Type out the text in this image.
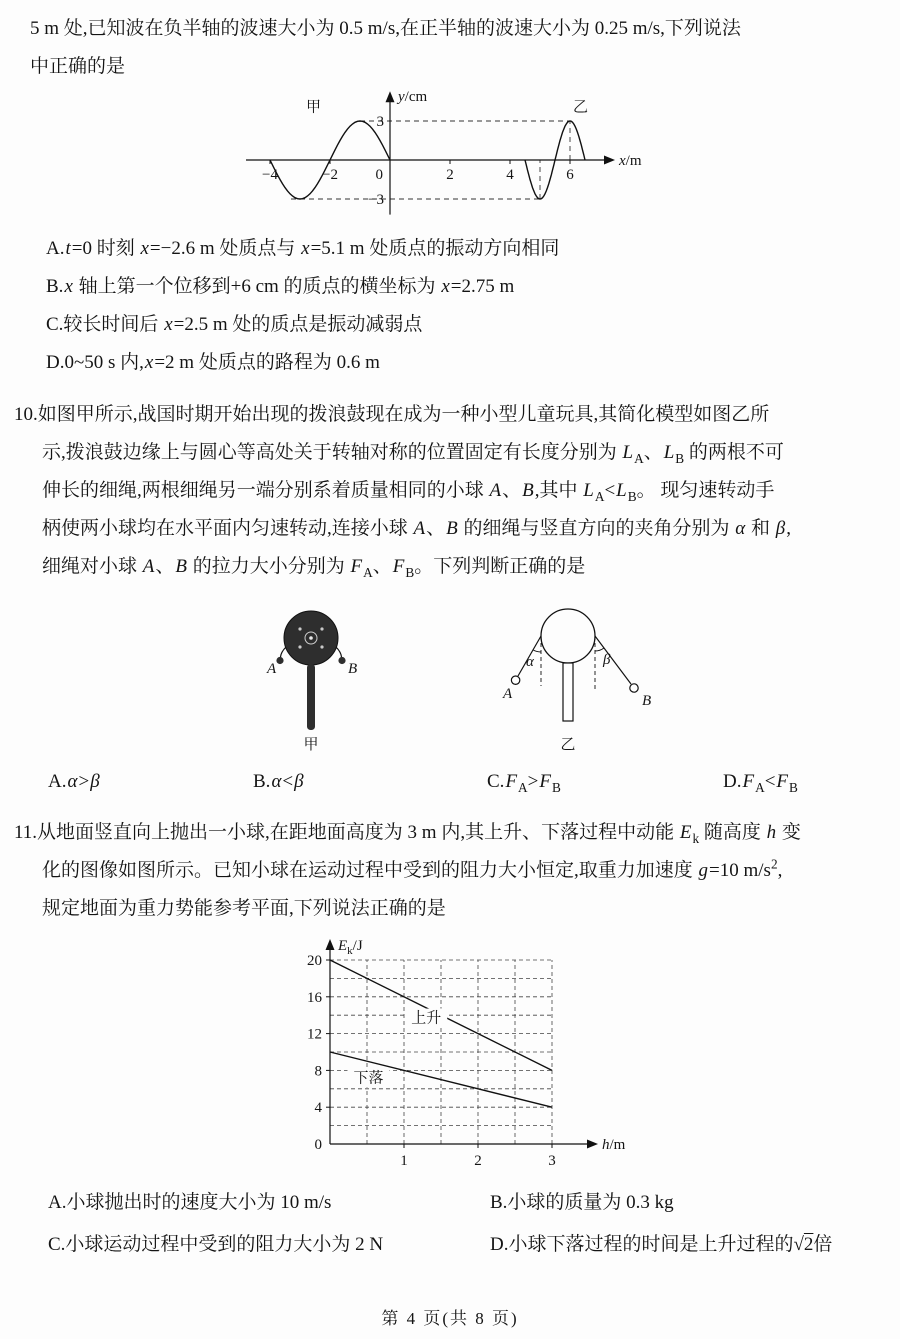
5 m 处,已知波在负半轴的波速大小为 0.5 m/s,在正半轴的波速大小为 0.25 m/s,下列说法

中正确的是

x/m
y/cm
−4	−2	0	2	4	6
3
−3
甲	乙

A.t=0 时刻 x=−2.6 m 处质点与 x=5.1 m 处质点的振动方向相同

B.x 轴上第一个位移到+6 cm 的质点的横坐标为 x=2.75 m

C.较长时间后 x=2.5 m 处的质点是振动减弱点

D.0~50 s 内,x=2 m 处质点的路程为 0.6 m

10.如图甲所示,战国时期开始出现的拨浪鼓现在成为一种小型儿童玩具,其简化模型如图乙所

示,拨浪鼓边缘上与圆心等高处关于转轴对称的位置固定有长度分别为 $L_A$、$L_B$ 的两根不可

伸长的细绳,两根细绳另一端分别系着质量相同的小球 A、B,其中 $L_A<L_B$。 现匀速转动手

柄使两小球均在水平面内匀速转动,连接小球 A、B 的细绳与竖直方向的夹角分别为 α 和 β,

细绳对小球 A、B 的拉力大小分别为 $F_A$、$F_B$。下列判断正确的是

A	B
甲
α	β
A	B
乙
A.α>β	B.α<β	$C.F_A>F_B$	$D.F_A<F_B$

11.从地面竖直向上抛出一小球,在距地面高度为 3 m 内,其上升、下落过程中动能 $E_k$ 随高度 h 变

化的图像如图所示。已知小球在运动过程中受到的阻力大小恒定,取重力加速度 g=10 $m/s^2$,

规定地面为重力势能参考平面,下列说法正确的是

$E_k/J$
h/m
0
4
8
12
16
20
1	2	3
上升
下落
A.小球抛出时的速度大小为 10 m/s	B.小球的质量为 0.3 kg
C.小球运动过程中受到的阻力大小为 2 N	D.小球下落过程的时间是上升过程的√2倍
第 4 页(共 8 页)
